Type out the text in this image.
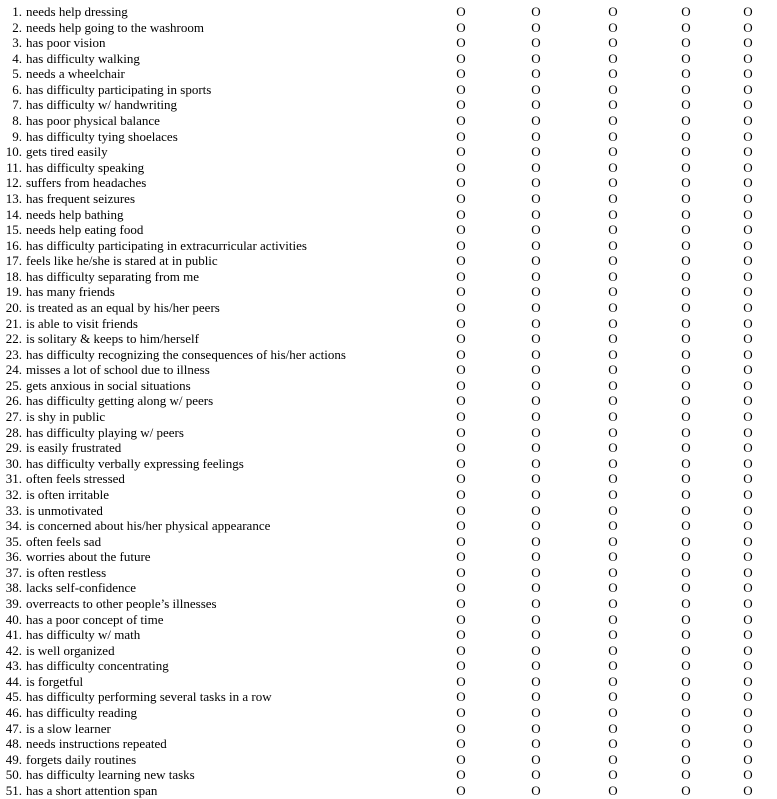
1. needs help dressing	O	O	O	O	O
2. needs help going to the washroom	O	O	O	O	O
3. has poor vision	O	O	O	O	O
4. has difficulty walking	O	O	O	O	O
5. needs a wheelchair	O	O	O	O	O
6. has difficulty participating in sports	O	O	O	O	O
7. has difficulty w/ handwriting	O	O	O	O	O
8. has poor physical balance	O	O	O	O	O
9. has difficulty tying shoelaces	O	O	O	O	O
10. gets tired easily	O	O	O	O	O
11. has difficulty speaking	O	O	O	O	O
12. suffers from headaches	O	O	O	O	O
13. has frequent seizures	O	O	O	O	O
14. needs help bathing	O	O	O	O	O
15. needs help eating food	O	O	O	O	O
16. has difficulty participating in extracurricular activities	O	O	O	O	O
17. feels like he/she is stared at in public	O	O	O	O	O
18. has difficulty separating from me	O	O	O	O	O
19. has many friends	O	O	O	O	O
20. is treated as an equal by his/her peers	O	O	O	O	O
21. is able to visit friends	O	O	O	O	O
22. is solitary & keeps to him/herself	O	O	O	O	O
23. has difficulty recognizing the consequences of his/her actions	O	O	O	O	O
24. misses a lot of school due to illness	O	O	O	O	O
25. gets anxious in social situations	O	O	O	O	O
26. has difficulty getting along w/ peers	O	O	O	O	O
27. is shy in public	O	O	O	O	O
28. has difficulty playing w/ peers	O	O	O	O	O
29. is easily frustrated	O	O	O	O	O
30. has difficulty verbally expressing feelings	O	O	O	O	O
31. often feels stressed	O	O	O	O	O
32. is often irritable	O	O	O	O	O
33. is unmotivated	O	O	O	O	O
34. is concerned about his/her physical appearance	O	O	O	O	O
35. often feels sad	O	O	O	O	O
36. worries about the future	O	O	O	O	O
37. is often restless	O	O	O	O	O
38. lacks self-confidence	O	O	O	O	O
39. overreacts to other people’s illnesses	O	O	O	O	O
40. has a poor concept of time	O	O	O	O	O
41. has difficulty w/ math	O	O	O	O	O
42. is well organized	O	O	O	O	O
43. has difficulty concentrating	O	O	O	O	O
44. is forgetful	O	O	O	O	O
45. has difficulty performing several tasks in a row	O	O	O	O	O
46. has difficulty reading	O	O	O	O	O
47. is a slow learner	O	O	O	O	O
48. needs instructions repeated	O	O	O	O	O
49. forgets daily routines	O	O	O	O	O
50. has difficulty learning new tasks	O	O	O	O	O
51. has a short attention span	O	O	O	O	O
